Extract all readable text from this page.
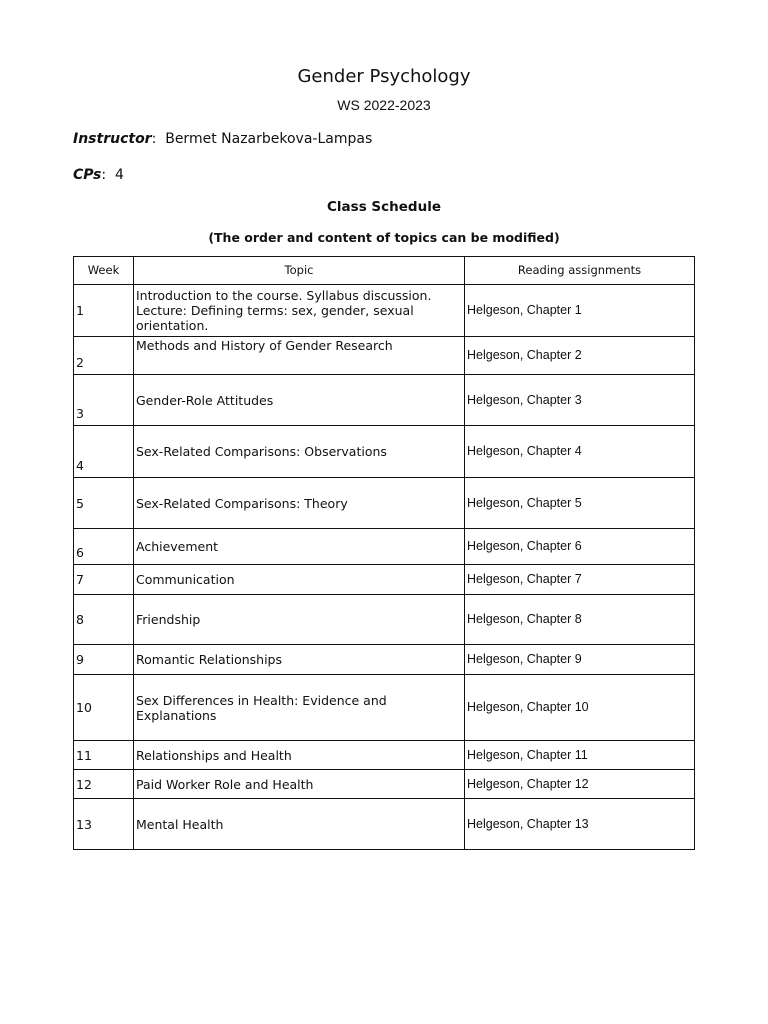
Gender Psychology
WS 2022-2023
Instructor: Bermet Nazarbekova-Lampas
CPs: 4
Class Schedule
(The order and content of topics can be modified)
Week	Topic	Reading assignments
1	Introduction to the course. Syllabus discussion. Lecture: Defining terms: sex, gender, sexual orientation.	Helgeson, Chapter 1
2	Methods and History of Gender Research	Helgeson, Chapter 2
3	Gender-Role Attitudes	Helgeson, Chapter 3
4	Sex-Related Comparisons: Observations	Helgeson, Chapter 4
5	Sex-Related Comparisons: Theory	Helgeson, Chapter 5
6	Achievement	Helgeson, Chapter 6
7	Communication	Helgeson, Chapter 7
8	Friendship	Helgeson, Chapter 8
9	Romantic Relationships	Helgeson, Chapter 9
10	Sex Differences in Health: Evidence and Explanations	Helgeson, Chapter 10
11	Relationships and Health	Helgeson, Chapter 11
12	Paid Worker Role and Health	Helgeson, Chapter 12
13	Mental Health	Helgeson, Chapter 13
